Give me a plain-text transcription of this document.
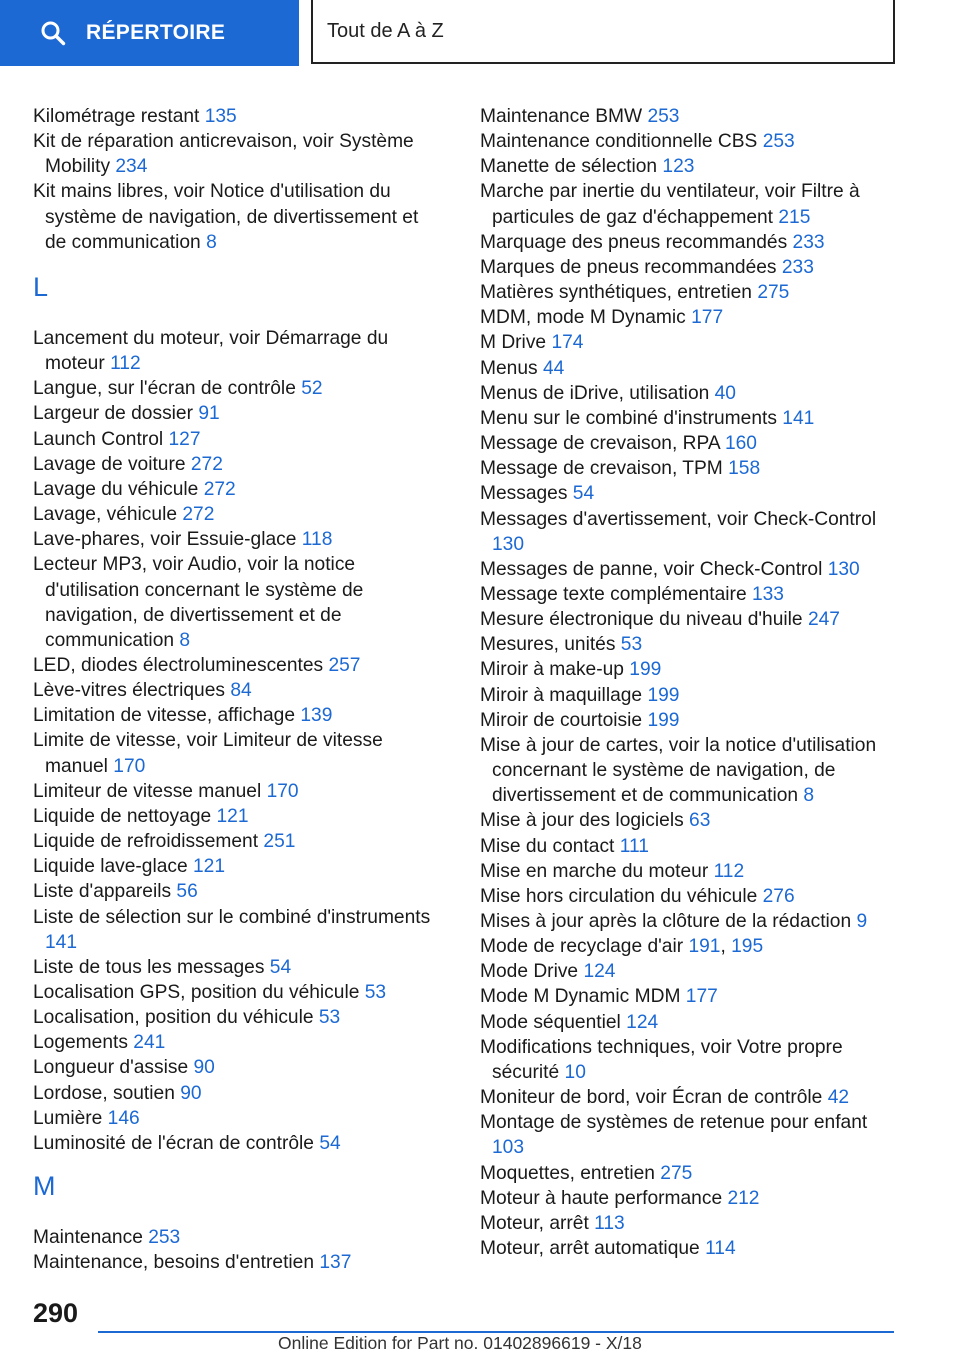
RÉPERTOIRE	Tout de A à Z
Kilométrage restant 135
Kit de réparation anticrevaison, voir Système Mobility 234
Kit mains libres, voir Notice d'utilisation du système de navigation, de divertissement et de communication 8
L
Lancement du moteur, voir Démarrage du moteur 112
Langue, sur l'écran de contrôle 52
Largeur de dossier 91
Launch Control 127
Lavage de voiture 272
Lavage du véhicule 272
Lavage, véhicule 272
Lave-phares, voir Essuie-glace 118
Lecteur MP3, voir Audio, voir la notice d'utilisation concernant le système de navigation, de divertissement et de communication 8
LED, diodes électroluminescentes 257
Lève-vitres électriques 84
Limitation de vitesse, affichage 139
Limite de vitesse, voir Limiteur de vitesse manuel 170
Limiteur de vitesse manuel 170
Liquide de nettoyage 121
Liquide de refroidissement 251
Liquide lave-glace 121
Liste d'appareils 56
Liste de sélection sur le combiné d'instruments 141
Liste de tous les messages 54
Localisation GPS, position du véhicule 53
Localisation, position du véhicule 53
Logements 241
Longueur d'assise 90
Lordose, soutien 90
Lumière 146
Luminosité de l'écran de contrôle 54
M
Maintenance 253
Maintenance, besoins d'entretien 137
Maintenance BMW 253
Maintenance conditionnelle CBS 253
Manette de sélection 123
Marche par inertie du ventilateur, voir Filtre à particules de gaz d'échappement 215
Marquage des pneus recommandés 233
Marques de pneus recommandées 233
Matières synthétiques, entretien 275
MDM, mode M Dynamic 177
M Drive 174
Menus 44
Menus de iDrive, utilisation 40
Menu sur le combiné d'instruments 141
Message de crevaison, RPA 160
Message de crevaison, TPM 158
Messages 54
Messages d'avertissement, voir Check-Control 130
Messages de panne, voir Check-Control 130
Message texte complémentaire 133
Mesure électronique du niveau d'huile 247
Mesures, unités 53
Miroir à make-up 199
Miroir à maquillage 199
Miroir de courtoisie 199
Mise à jour de cartes, voir la notice d'utilisation concernant le système de navigation, de divertissement et de communication 8
Mise à jour des logiciels 63
Mise du contact 111
Mise en marche du moteur 112
Mise hors circulation du véhicule 276
Mises à jour après la clôture de la rédaction 9
Mode de recyclage d'air 191, 195
Mode Drive 124
Mode M Dynamic MDM 177
Mode séquentiel 124
Modifications techniques, voir Votre propre sécurité 10
Moniteur de bord, voir Écran de contrôle 42
Montage de systèmes de retenue pour enfant 103
Moquettes, entretien 275
Moteur à haute performance 212
Moteur, arrêt 113
Moteur, arrêt automatique 114
290
Online Edition for Part no. 01402896619 - X/18
